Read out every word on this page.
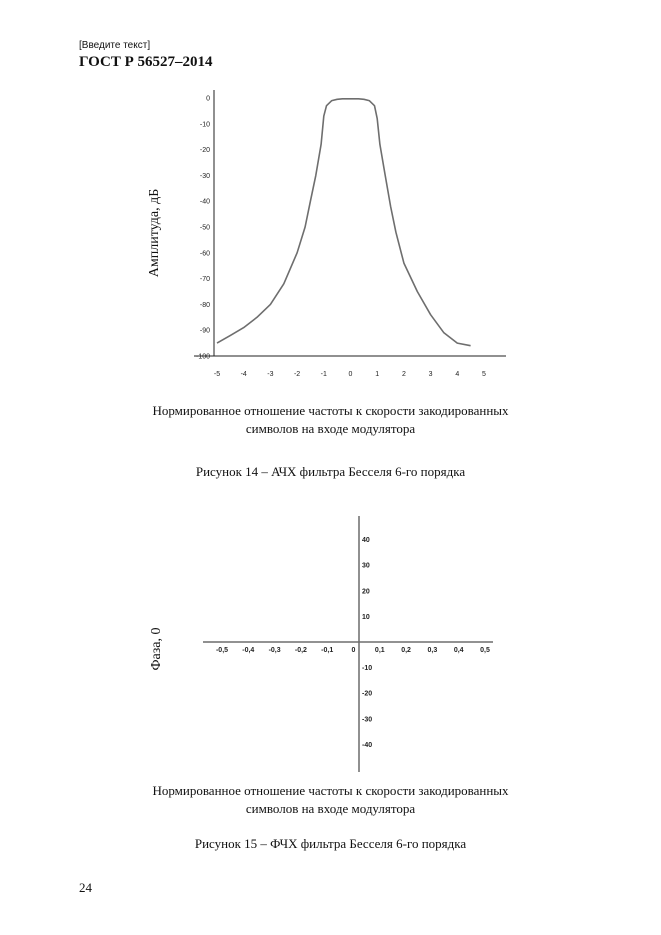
[Введите текст]
ГОСТ Р 56527–2014
Амплитуда, дБ
0
-10
-20
-30
-40
-50
-60
-70
-80
-90
-100
-5	-4	-3	-2	-1	0	1	2	3	4	5
Нормированное отношение частоты к скорости закодированных
символов на входе модулятора
Рисунок 14 – АЧХ фильтра Бесселя 6-го порядка
Фаза, 0
40
30
20
10
-10
-20
-30
-40
-0,5 -0,4 -0,3 -0,2 -0,1	0	0,1 0,2 0,3 0,4 0,5
Нормированное отношение частоты к скорости закодированных
символов на входе модулятора
Рисунок 15 – ФЧХ фильтра Бесселя 6-го порядка
24
